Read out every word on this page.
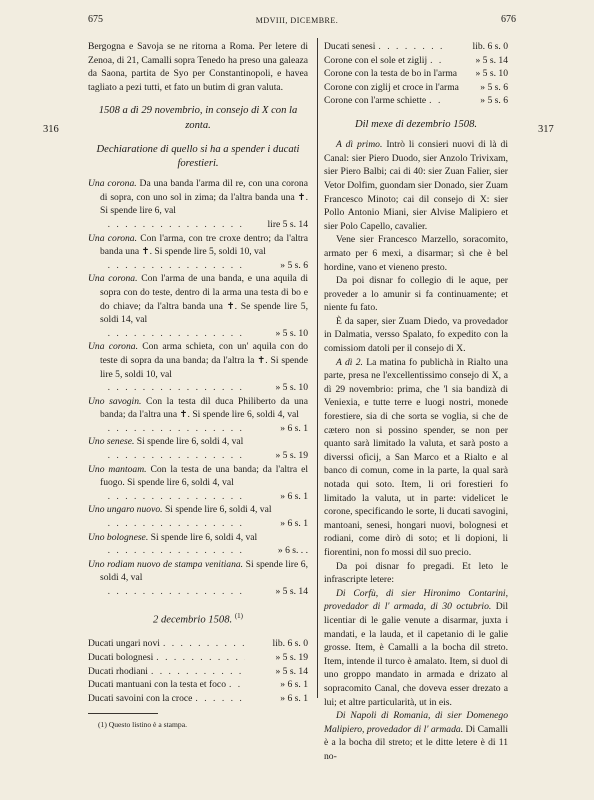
675	MDVIII, DICEMBRE.	676
316	317

Bergogna e Savoja se ne ritorna a Roma. Per letere di Zenoa, di 21, Camalli sopra Tenedo ha preso una galeaza da Saona, partita de Syo per Constantinopoli, e havea tagliato a pezi tutti, et fato un butim di gran valuta.

1508 a dì 29 novembrio, in consejo di X con la zonta.

Dechiaratione di quello si ha a spender i ducati forestieri.

Una corona. Da una banda l'arma dil re, con una corona di sopra, con uno sol in zima; da l'altra banda una ✝. Si spende lire 6, val
. . .
lire 5 s. 14
Una corona. Con l'arma, con tre croxe dentro; da l'altra banda una ✝. Si spende lire 5, soldi 10, val
. . .
» 5 s. 6
Una corona. Con l'arma de una banda, e una aquila di sopra con do teste, dentro di la arma una testa di bo e do chiave; da l'altra banda una ✝. Se spende lire 5, soldi 14, val
. . .
» 5 s. 10
Una corona. Con arma schieta, con un' aquila con do teste di sopra da una banda; da l'altra la ✝. Si spende lire 5, soldi 10, val
. . .
» 5 s. 10
Uno savogin. Con la testa dil duca Philiberto da una banda; da l'altra una ✝. Si spende lire 6, soldi 4, val
. . .
» 6 s. 1
Uno senese. Si spende lire 6, soldi 4, val
. . .
» 5 s. 19
Uno mantoam. Con la testa de una banda; da l'altra el fuogo. Si spende lire 6, soldi 4, val
. . .
» 6 s. 1
Uno ungaro nuovo. Si spende lire 6, soldi 4, val
. . .
» 6 s. 1
Uno bolognese. Si spende lire 6, soldi 4, val
. . .
» 6 s. . .
Uno rodiam nuovo de stampa venitiana. Si spende lire 6, soldi 4, val
. . .
» 5 s. 14

2 decembrio 1508. $^{(1)}$

Ducati ungari novi . . .	lib. 6 s. 0
Ducati bolognesi . . .	» 5 s. 19
Ducati rhodiani . . .	» 5 s. 14
Ducati mantuani con la testa et foco . . .	» 6 s. 1
Ducati savoini con la croce . . .	» 6 s. 1
(1) Questo listino è a stampa.
Ducati senesi . . .	lib. 6 s. 0
Corone con el sole et ziglij . . .	» 5 s. 14
Corone con la testa de bo in l'arma	» 5 s. 10
Corone con ziglij et croce in l'arma	» 5 s. 6
Corone con l'arme schiette . . .	» 5 s. 6

Dil mexe di dezembrio 1508.

A dì primo. Intrò li consieri nuovi di là di Canal: sier Piero Duodo, sier Anzolo Trivixam, sier Piero Balbi; cai di 40: sier Zuan Falier, sier Vetor Dolfim, guondam sier Donado, sier Zuam Francesco Minoto; cai dil consejo di X: sier Pollo Antonio Miani, sier Alvise Malipiero et sier Polo Capello, cavalier.

Vene sier Francesco Marzello, soracomito, armato per 6 mexi, a disarmar; sì che è bel hordine, vano et vieneno presto.

Da poi disnar fo collegio di le aque, per proveder a lo amunir si fa continuamente; et niente fu fato.

È da saper, sier Zuam Diedo, va provedador in Dalmatia, versso Spalato, fo expedito con la comissiom datoli per il consejo di X.

A dì 2. La matina fo publichà in Rialto una parte, presa ne l'excellentissimo consejo di X, a dì 29 novembrio: prima, che 'l sia bandizà di Veniexia, e tutte terre e luogi nostri, monede forestiere, sia di che sorta se voglia, si che de cætero non si possino spender, se non per quanto sarà limitado la valuta, et sarà posto a diverssi oficij, a San Marco et a Rialto e al banco di comun, come in la parte, la qual sarà notada qui soto. Item, li ori forestieri fo limitado la valuta, ut in parte: videlicet le corone, specificando le sorte, li ducati savogini, mantoani, senesi, hongari nuovi, bolognesi et rodiani, come dirò di soto; et li dopioni, li fiorentini, non fo mossi dil suo precio.

Da poi disnar fo pregadi. Et leto le infrascripte letere:

Di Corfù, di sier Hironimo Contarini, provedador di l' armada, di 30 octubrio. Dil licentiar di le galie venute a disarmar, juxta i mandati, e la lauda, et il capetanio di le galie grosse. Item, è Camalli a la bocha dil streto. Item, intende il turco è amalato. Item, si duol di uno groppo mandato in armada e drizato al sopracomito Canal, che doveva esser drezato a lui; et altre particularità, ut in eis.

Di Napoli di Romania, di sier Domenego Malipiero, provedador di l' armada. Di Camalli è a la bocha dil streto; et le ditte letere è di 11 no-
